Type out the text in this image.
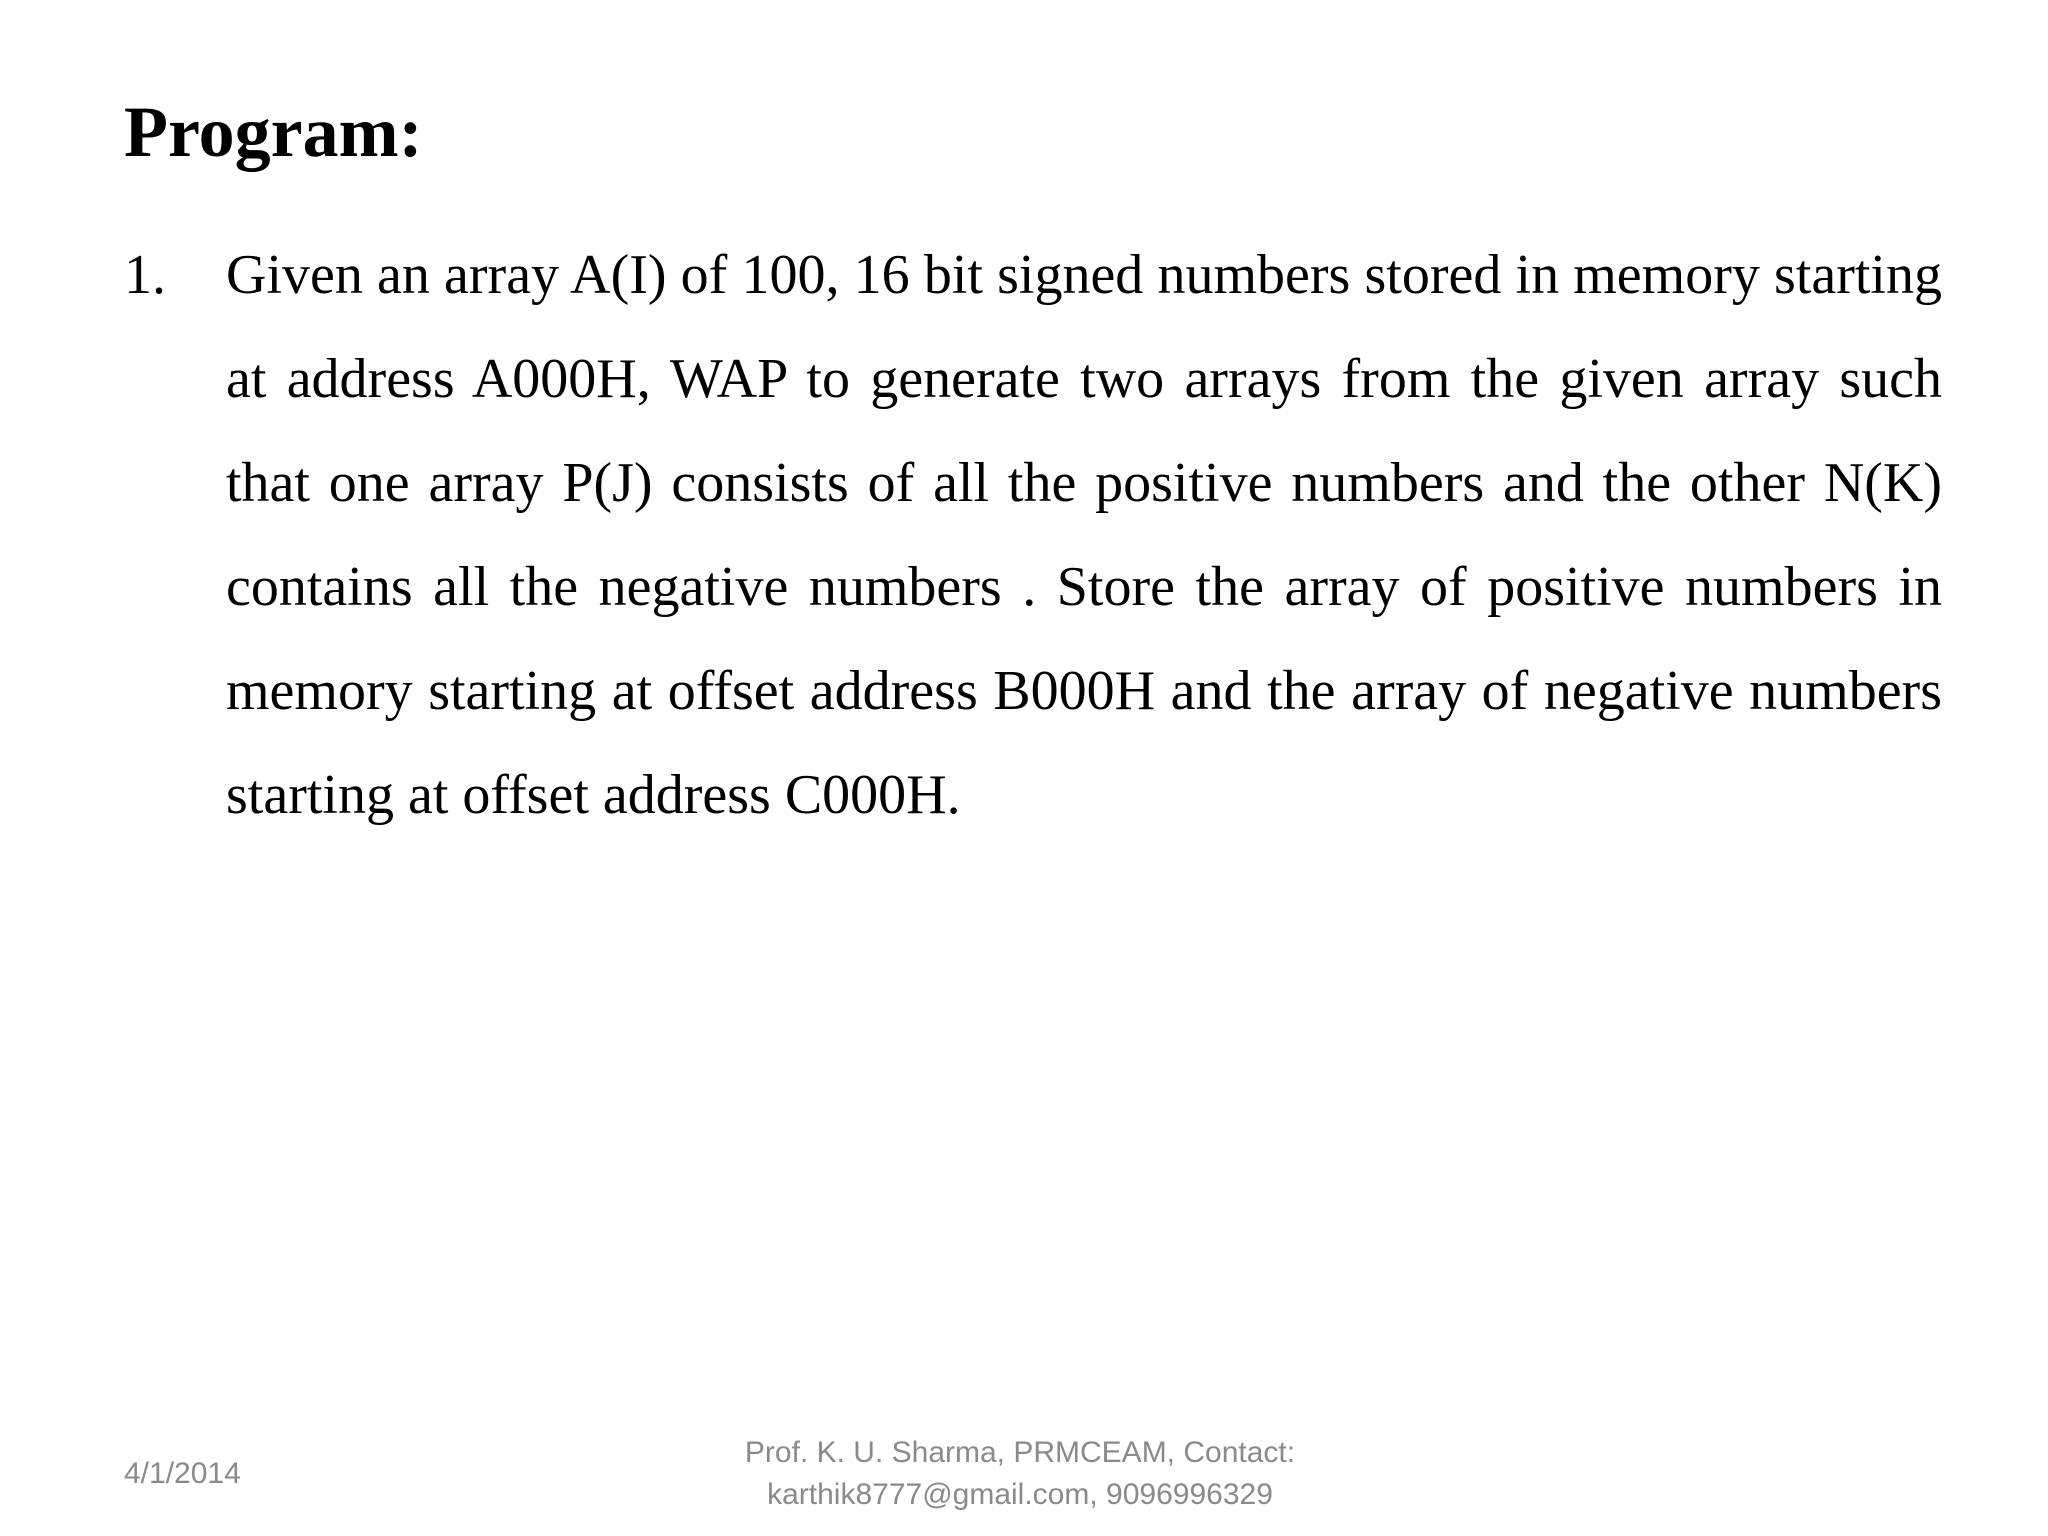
Program:
1.	Given an array A(I) of 100, 16 bit signed numbers stored in memory starting at address A000H, WAP to generate two arrays from the given array such that one array P(J) consists of all the positive numbers and the other N(K) contains all the negative numbers . Store the array of positive numbers in memory starting at offset address B000H and the array of negative numbers starting at offset address C000H.
4/1/2014
Prof. K. U. Sharma, PRMCEAM, Contact:
karthik8777@gmail.com, 9096996329
